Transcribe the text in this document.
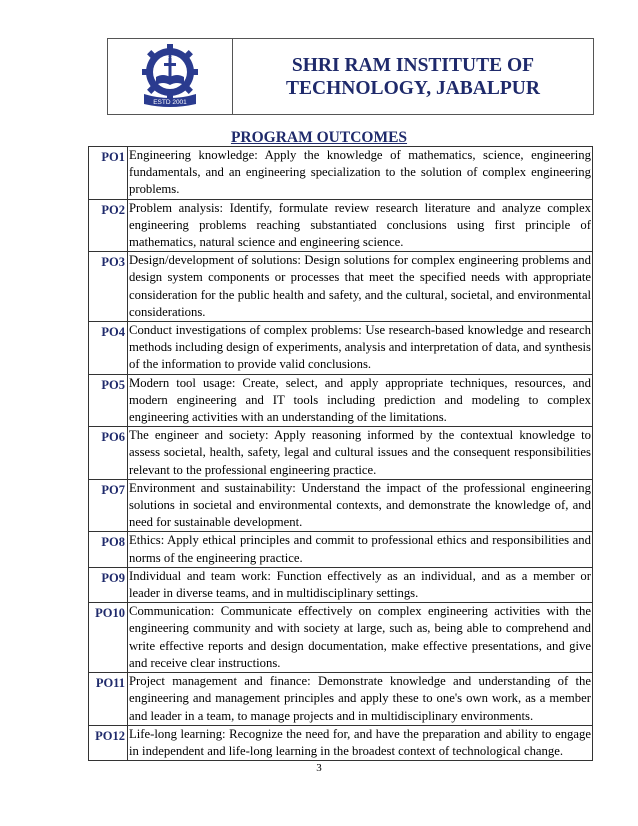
ESTD 2001
SHRI RAM INSTITUTE OF
TECHNOLOGY, JABALPUR
PROGRAM OUTCOMES
PO1	Engineering knowledge: Apply the knowledge of mathematics, science, engineering fundamentals, and an engineering specialization to the solution of complex engineering problems.
PO2	Problem analysis: Identify, formulate review research literature and analyze complex engineering problems reaching substantiated conclusions using first principle of mathematics, natural science and engineering science.
PO3	Design/development of solutions: Design solutions for complex engineering problems and design system components or processes that meet the specified needs with appropriate consideration for the public health and safety, and the cultural, societal, and environmental considerations.
PO4	Conduct investigations of complex problems: Use research-based knowledge and research methods including design of experiments, analysis and interpretation of data, and synthesis of the information to provide valid conclusions.
PO5	Modern tool usage: Create, select, and apply appropriate techniques, resources, and modern engineering and IT tools including prediction and modeling to complex engineering activities with an understanding of the limitations.
PO6	The engineer and society: Apply reasoning informed by the contextual knowledge to assess societal, health, safety, legal and cultural issues and the consequent responsibilities relevant to the professional engineering practice.
PO7	Environment and sustainability: Understand the impact of the professional engineering solutions in societal and environmental contexts, and demonstrate the knowledge of, and need for sustainable development.
PO8	Ethics: Apply ethical principles and commit to professional ethics and responsibilities and norms of the engineering practice.
PO9	Individual and team work: Function effectively as an individual, and as a member or leader in diverse teams, and in multidisciplinary settings.
PO10	Communication: Communicate effectively on complex engineering activities with the engineering community and with society at large, such as, being able to comprehend and write effective reports and design documentation, make effective presentations, and give and receive clear instructions.
PO11	Project management and finance: Demonstrate knowledge and understanding of the engineering and management principles and apply these to one's own work, as a member and leader in a team, to manage projects and in multidisciplinary environments.
PO12	Life-long learning: Recognize the need for, and have the preparation and ability to engage in independent and life-long learning in the broadest context of technological change.
3
